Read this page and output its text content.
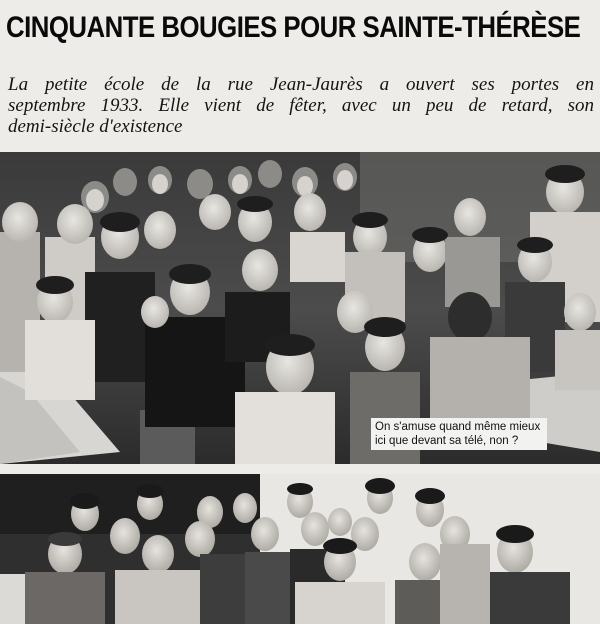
CINQUANTE BOUGIES POUR SAINTE-THÉRÈSE
La petite école de la rue Jean-Jaurès a ouvert ses portes en
septembre 1933. Elle vient de fêter, avec un peu de retard, son
demi-siècle d'existence
On s'amuse quand même mieux
ici que devant sa télé, non ?
